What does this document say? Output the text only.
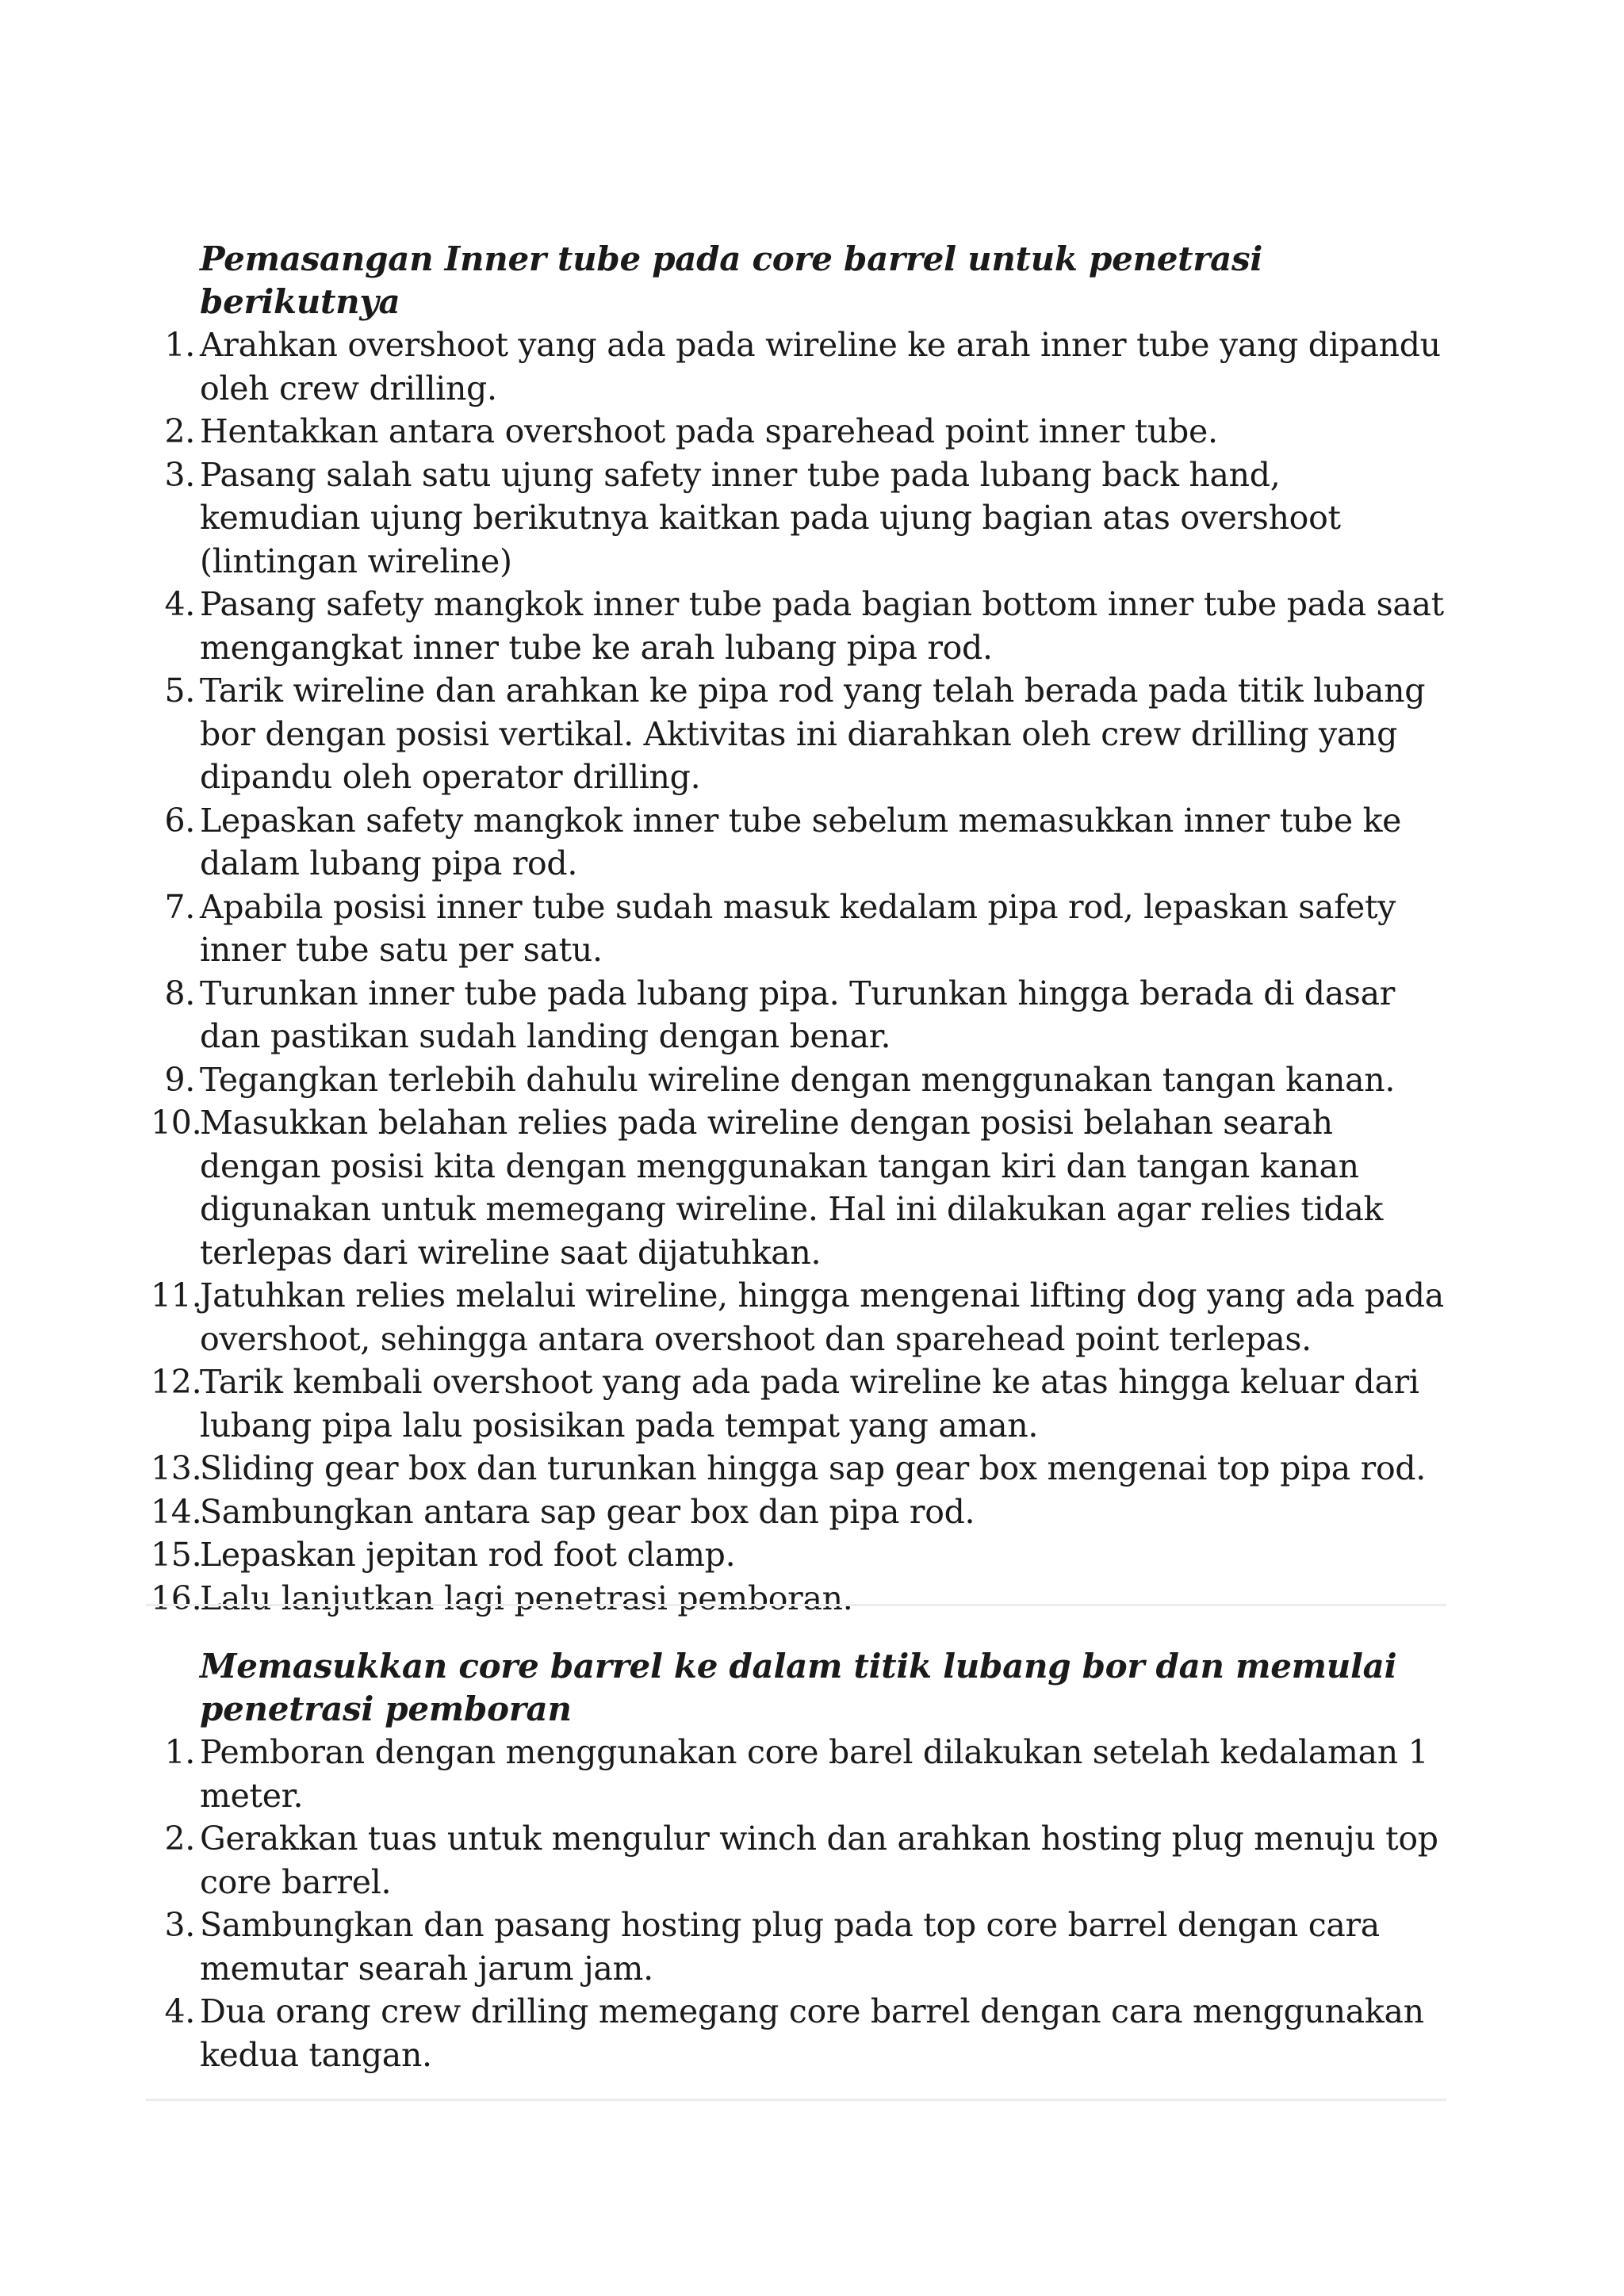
Pemasangan Inner tube pada core barrel untuk penetrasi berikutnya
1. Arahkan overshoot yang ada pada wireline ke arah inner tube yang dipandu oleh crew drilling.
2. Hentakkan antara overshoot pada sparehead point inner tube.
3. Pasang salah satu ujung safety inner tube pada lubang back hand, kemudian ujung berikutnya kaitkan pada ujung bagian atas overshoot (lintingan wireline)
4. Pasang safety mangkok inner tube pada bagian bottom inner tube pada saat mengangkat inner tube ke arah lubang pipa rod.
5. Tarik wireline dan arahkan ke pipa rod yang telah berada pada titik lubang bor dengan posisi vertikal. Aktivitas ini diarahkan oleh crew drilling yang dipandu oleh operator drilling.
6. Lepaskan safety mangkok inner tube sebelum memasukkan inner tube ke dalam lubang pipa rod.
7. Apabila posisi inner tube sudah masuk kedalam pipa rod, lepaskan safety inner tube satu per satu.
8. Turunkan inner tube pada lubang pipa. Turunkan hingga berada di dasar dan pastikan sudah landing dengan benar.
9. Tegangkan terlebih dahulu wireline dengan menggunakan tangan kanan.
10.
Masukkan belahan relies pada wireline dengan posisi belahan searah dengan posisi kita dengan menggunakan tangan kiri dan tangan kanan digunakan untuk memegang wireline. Hal ini dilakukan agar relies tidak terlepas dari wireline saat dijatuhkan.
11.
Jatuhkan relies melalui wireline, hingga mengenai lifting dog yang ada pada overshoot, sehingga antara overshoot dan sparehead point terlepas.
12.
Tarik kembali overshoot yang ada pada wireline ke atas hingga keluar dari lubang pipa lalu posisikan pada tempat yang aman.
13.
Sliding gear box dan turunkan hingga sap gear box mengenai top pipa rod.
14.
Sambungkan antara sap gear box dan pipa rod.
15.
Lepaskan jepitan rod foot clamp.
16.
Lalu lanjutkan lagi penetrasi pemboran.
Memasukkan core barrel ke dalam titik lubang bor dan memulai penetrasi pemboran
1. Pemboran dengan menggunakan core barel dilakukan setelah kedalaman 1 meter.
2. Gerakkan tuas untuk mengulur winch dan arahkan hosting plug menuju top core barrel.
3. Sambungkan dan pasang hosting plug pada top core barrel dengan cara memutar searah jarum jam.
4. Dua orang crew drilling memegang core barrel dengan cara menggunakan kedua tangan.
